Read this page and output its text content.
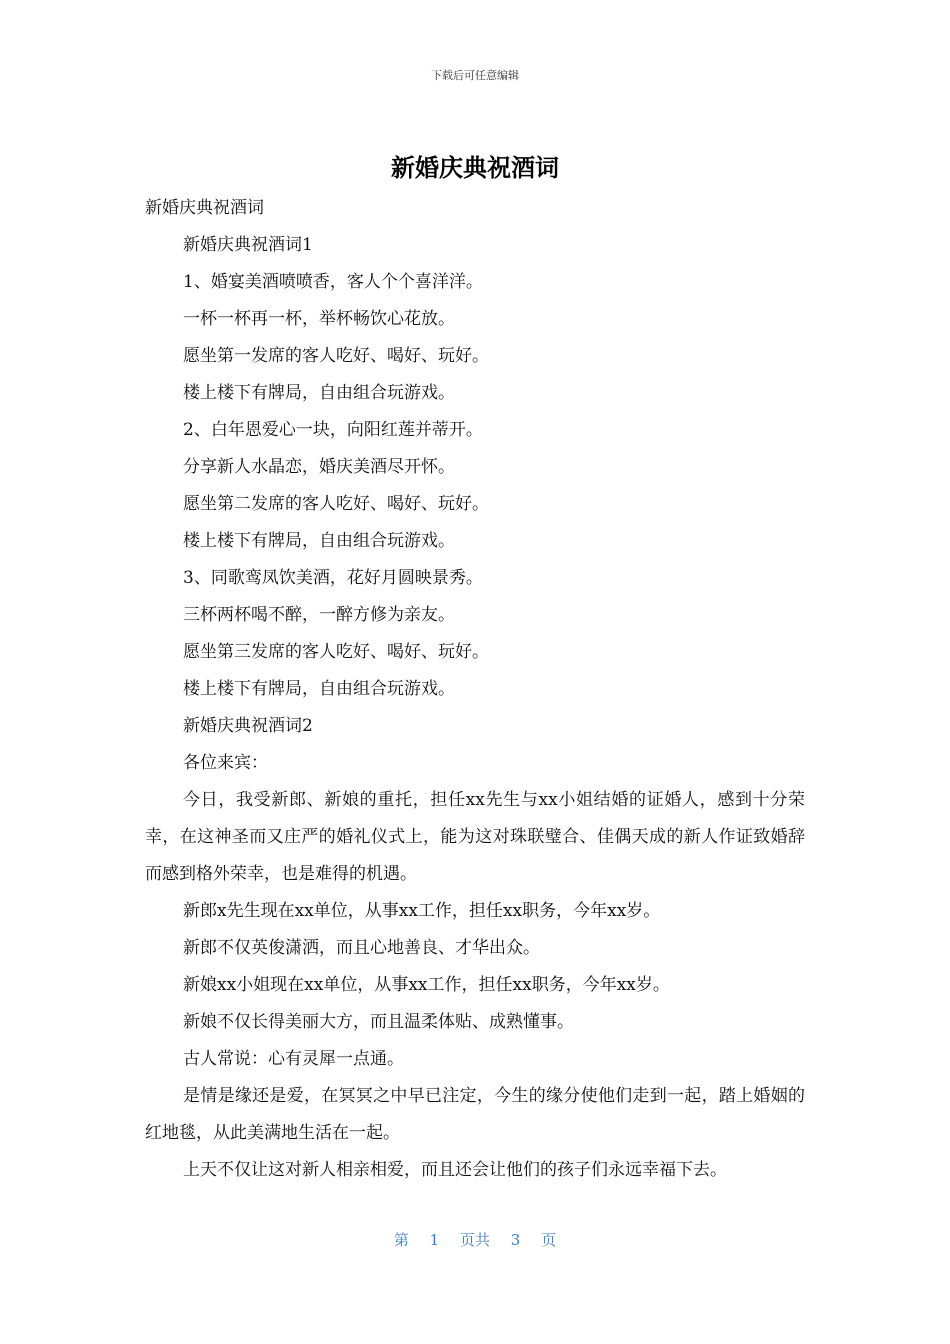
下载后可任意编辑
新婚庆典祝酒词

新婚庆典祝酒词

新婚庆典祝酒词1

1、婚宴美酒喷喷香，客人个个喜洋洋。

一杯一杯再一杯，举杯畅饮心花放。

愿坐第一发席的客人吃好、喝好、玩好。

楼上楼下有牌局，自由组合玩游戏。

2、白年恩爱心一块，向阳红莲并蒂开。

分享新人水晶恋，婚庆美酒尽开怀。

愿坐第二发席的客人吃好、喝好、玩好。

楼上楼下有牌局，自由组合玩游戏。

3、同歌鸾凤饮美酒，花好月圆映景秀。

三杯两杯喝不醉，一醉方修为亲友。

愿坐第三发席的客人吃好、喝好、玩好。

楼上楼下有牌局，自由组合玩游戏。

新婚庆典祝酒词2

各位来宾：

今日，我受新郎、新娘的重托，担任xx先生与xx小姐结婚的证婚人，感到十分荣幸，在这神圣而又庄严的婚礼仪式上，能为这对珠联璧合、佳偶天成的新人作证致婚辞而感到格外荣幸，也是难得的机遇。

新郎x先生现在xx单位，从事xx工作，担任xx职务，今年xx岁。

新郎不仅英俊潇洒，而且心地善良、才华出众。

新娘xx小姐现在xx单位，从事xx工作，担任xx职务，今年xx岁。

新娘不仅长得美丽大方，而且温柔体贴、成熟懂事。

古人常说：心有灵犀一点通。

是情是缘还是爱，在冥冥之中早已注定，今生的缘分使他们走到一起，踏上婚姻的红地毯，从此美满地生活在一起。

上天不仅让这对新人相亲相爱，而且还会让他们的孩子们永远幸福下去。

第 1 页共 3 页
